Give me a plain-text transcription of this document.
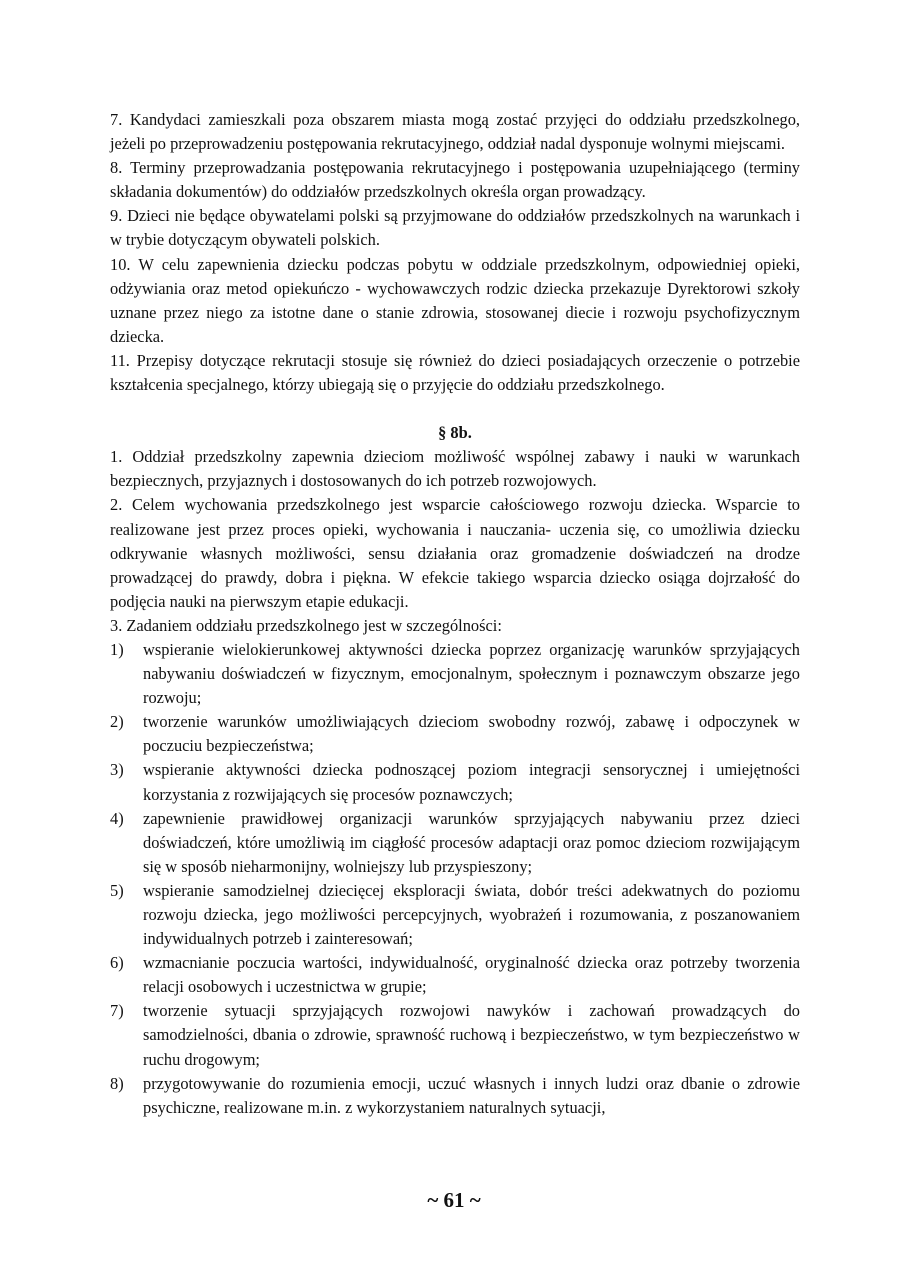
7. Kandydaci zamieszkali poza obszarem miasta mogą zostać przyjęci do oddziału przedszkolnego, jeżeli po przeprowadzeniu postępowania rekrutacyjnego, oddział nadal dysponuje wolnymi miejscami.

8. Terminy przeprowadzania postępowania rekrutacyjnego i postępowania uzupełniającego (terminy składania dokumentów) do oddziałów przedszkolnych określa organ prowadzący.

9. Dzieci nie będące obywatelami polski są przyjmowane do oddziałów przedszkolnych na warunkach i w trybie dotyczącym obywateli polskich.

10. W celu zapewnienia dziecku podczas pobytu w oddziale przedszkolnym, odpowiedniej opieki, odżywiania oraz metod opiekuńczo - wychowawczych rodzic dziecka przekazuje Dyrektorowi szkoły uznane przez niego za istotne dane o stanie zdrowia, stosowanej diecie i rozwoju psychofizycznym dziecka.

11. Przepisy dotyczące rekrutacji stosuje się również do dzieci posiadających orzeczenie o potrzebie kształcenia specjalnego, którzy ubiegają się o przyjęcie do oddziału przedszkolnego.

§ 8b.

1. Oddział przedszkolny zapewnia dzieciom możliwość wspólnej zabawy i nauki w warunkach bezpiecznych, przyjaznych i dostosowanych do ich potrzeb rozwojowych.

2. Celem wychowania przedszkolnego jest wsparcie całościowego rozwoju dziecka. Wsparcie to realizowane jest przez proces opieki, wychowania i nauczania- uczenia się, co umożliwia dziecku odkrywanie własnych możliwości, sensu działania oraz gromadzenie doświadczeń na drodze prowadzącej do prawdy, dobra i piękna. W efekcie takiego wsparcia dziecko osiąga dojrzałość do podjęcia nauki na pierwszym etapie edukacji.

3. Zadaniem oddziału przedszkolnego jest w szczególności:

1)	wspieranie wielokierunkowej aktywności dziecka poprzez organizację warunków sprzyjających nabywaniu doświadczeń w fizycznym, emocjonalnym, społecznym i poznawczym obszarze jego rozwoju;
2)	tworzenie warunków umożliwiających dzieciom swobodny rozwój, zabawę i odpoczynek w poczuciu bezpieczeństwa;
3)	wspieranie aktywności dziecka podnoszącej poziom integracji sensorycznej i umiejętności korzystania z rozwijających się procesów poznawczych;
4)	zapewnienie prawidłowej organizacji warunków sprzyjających nabywaniu przez dzieci doświadczeń, które umożliwią im ciągłość procesów adaptacji oraz pomoc dzieciom rozwijającym się w sposób nieharmonijny, wolniejszy lub przyspieszony;
5)	wspieranie samodzielnej dziecięcej eksploracji świata, dobór treści adekwatnych do poziomu rozwoju dziecka, jego możliwości percepcyjnych, wyobrażeń i rozumowania, z poszanowaniem indywidualnych potrzeb i zainteresowań;
6)	wzmacnianie poczucia wartości, indywidualność, oryginalność dziecka oraz potrzeby tworzenia relacji osobowych i uczestnictwa w grupie;
7)	tworzenie sytuacji sprzyjających rozwojowi nawyków i zachowań prowadzących do samodzielności, dbania o zdrowie, sprawność ruchową i bezpieczeństwo, w tym bezpieczeństwo w ruchu drogowym;
8)	przygotowywanie do rozumienia emocji, uczuć własnych i innych ludzi oraz dbanie o zdrowie psychiczne, realizowane m.in. z wykorzystaniem naturalnych sytuacji,
~ 61 ~
